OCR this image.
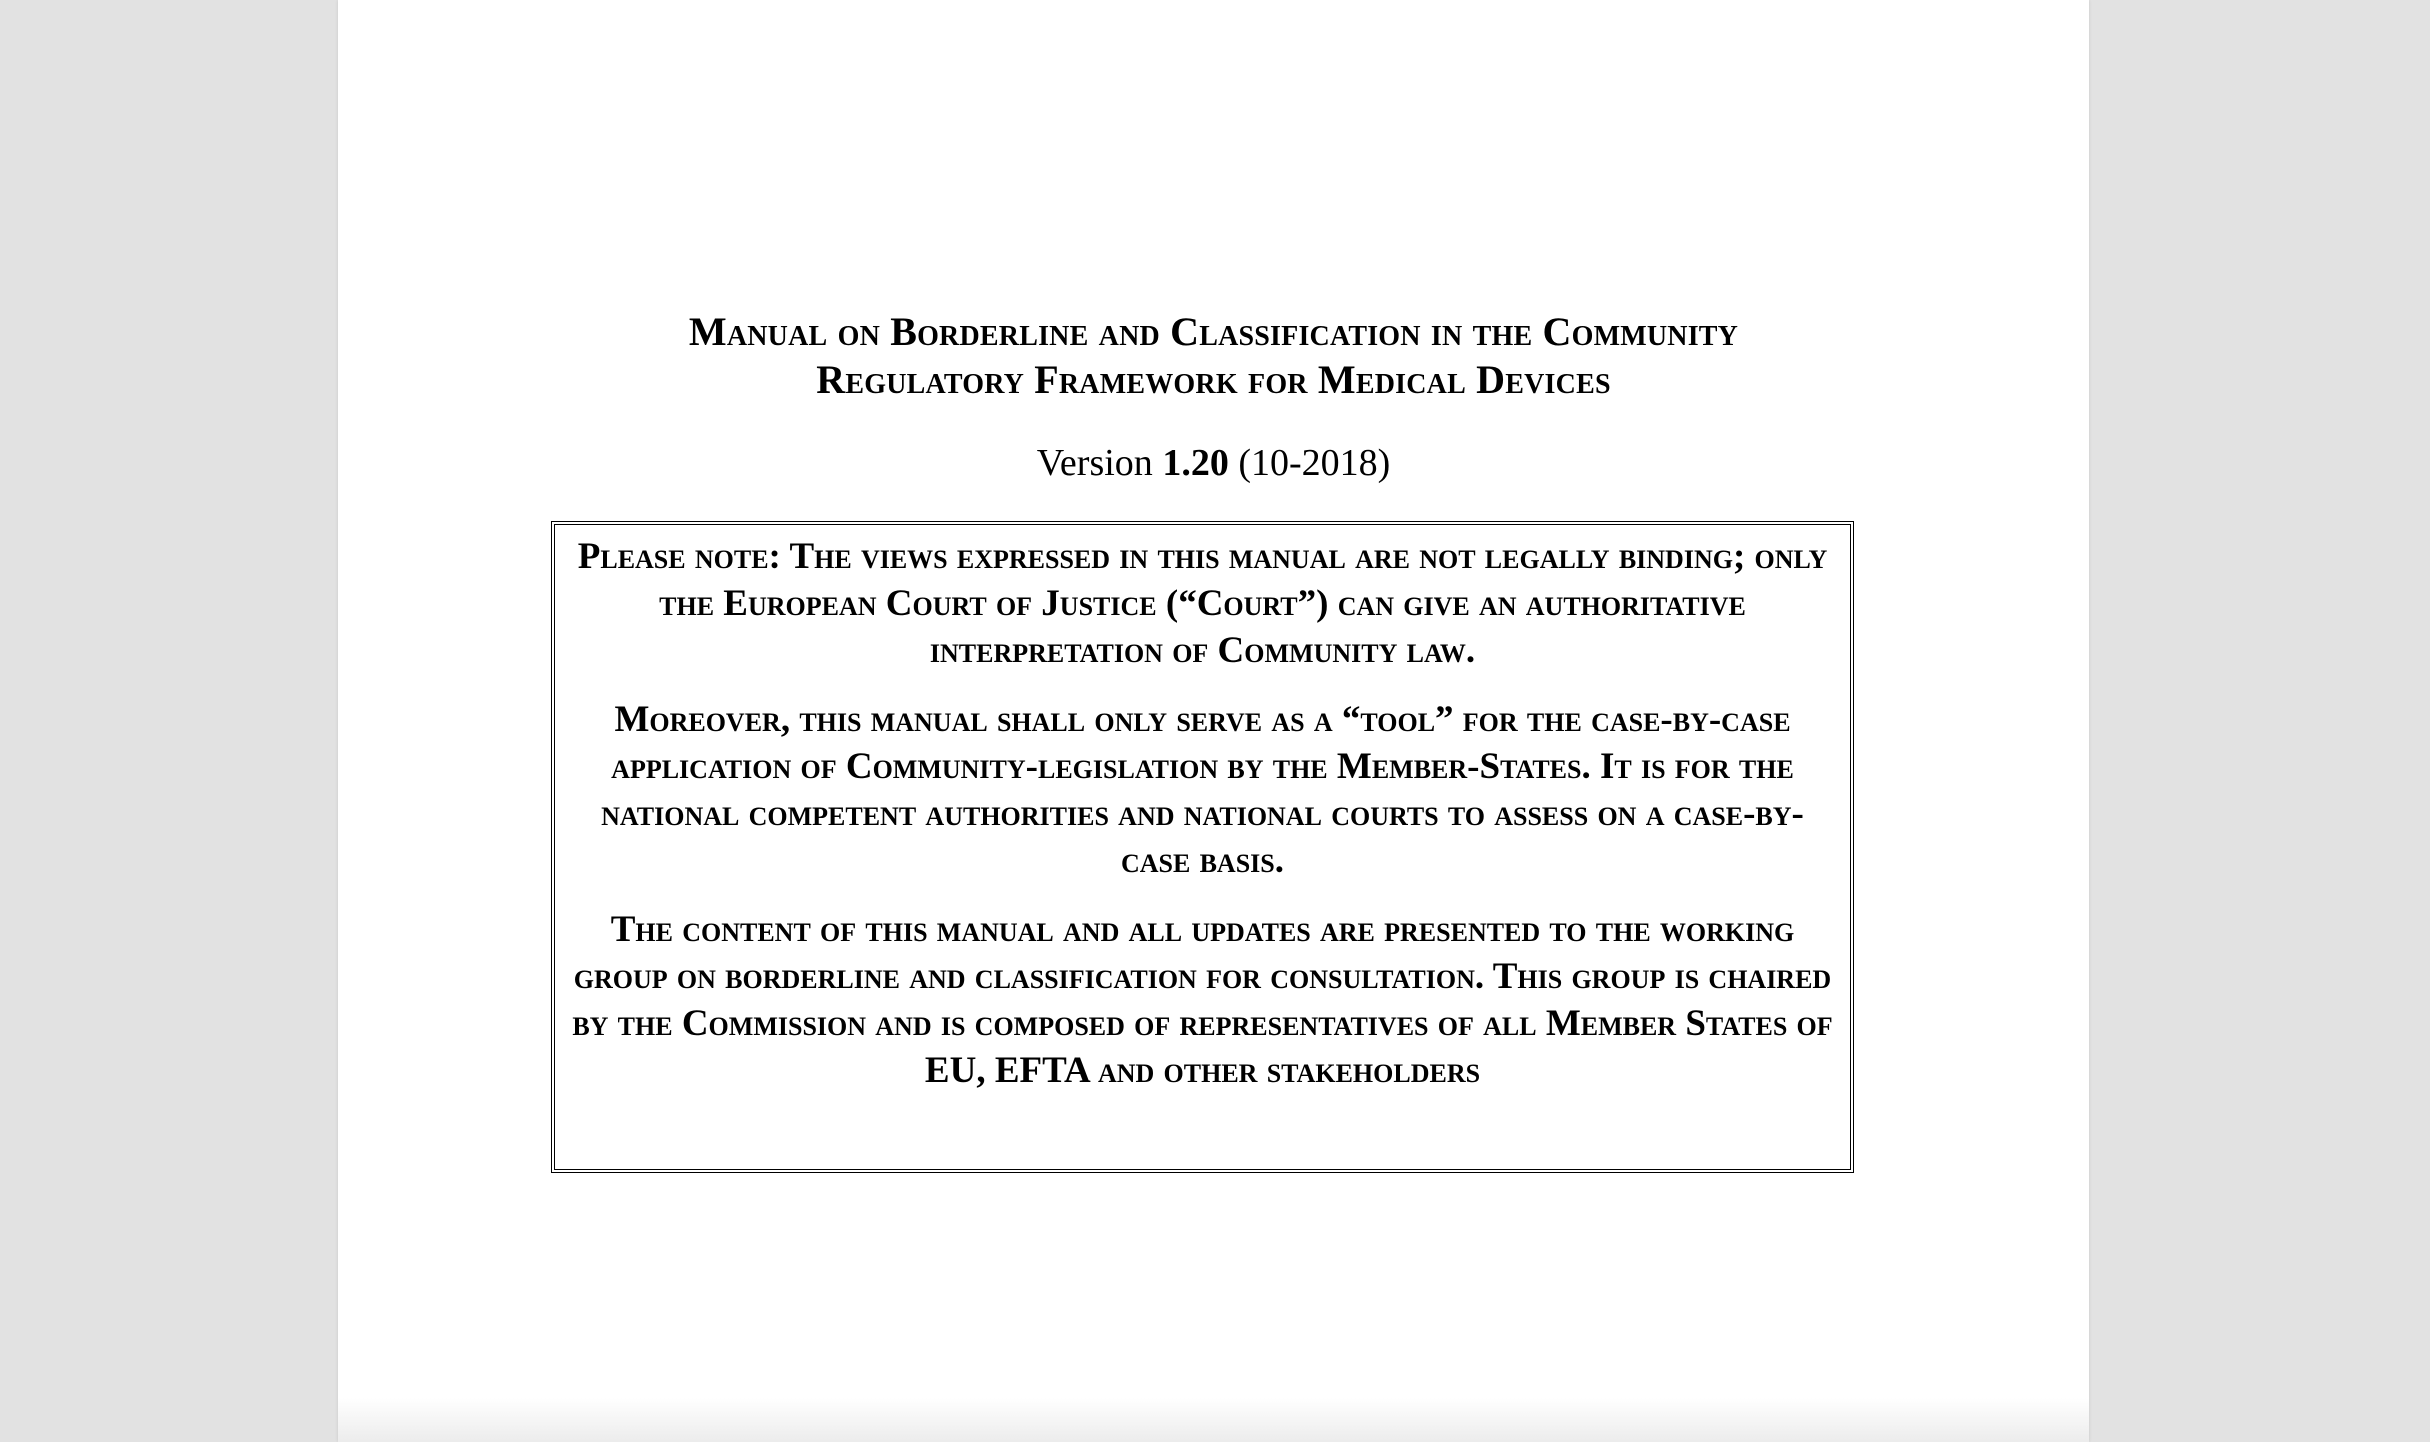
Manual on Borderline and Classification in the Community
Regulatory Framework for Medical Devices

Version 1.20 (10-2018)

Please note: The views expressed in this manual are not legally binding; only the European Court of Justice (“Court”) can give an authoritative interpretation of Community law.

Moreover, this manual shall only serve as a “tool” for the case-by-case application of Community-legislation by the Member-States. It is for the national competent authorities and national courts to assess on a case-by-case basis.

The content of this manual and all updates are presented to the working group on borderline and classification for consultation. This group is chaired by the Commission and is composed of representatives of all Member States of EU, EFTA and other stakeholders
